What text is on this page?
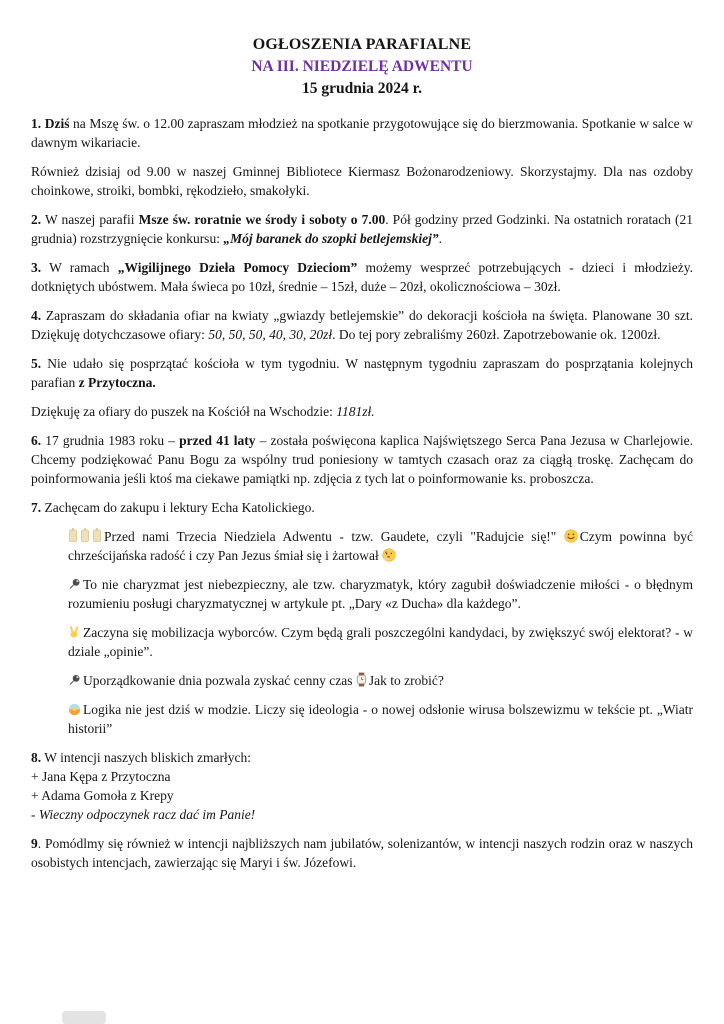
OGŁOSZENIA PARAFIALNE
NA III. NIEDZIELĘ ADWENTU
15 grudnia 2024 r.

1. Dziś na Mszę św. o 12.00 zapraszam młodzież na spotkanie przygotowujące się do bierzmowania. Spotkanie w salce w dawnym wikariacie.

Również dzisiaj od 9.00 w naszej Gminnej Bibliotece Kiermasz Bożonarodzeniowy. Skorzystajmy. Dla nas ozdoby choinkowe, stroiki, bombki, rękodzieło, smakołyki.

2. W naszej parafii Msze św. roratnie we środy i soboty o 7.00. Pół godziny przed Godzinki. Na ostatnich roratach (21 grudnia) rozstrzygnięcie konkursu: „Mój baranek do szopki betlejemskiej”.

3. W ramach „Wigilijnego Dzieła Pomocy Dzieciom” możemy wesprzeć potrzebujących - dzieci i młodzieży. dotkniętych ubóstwem. Mała świeca po 10zł, średnie – 15zł, duże – 20zł, okolicznościowa – 30zł.

4. Zapraszam do składania ofiar na kwiaty „gwiazdy betlejemskie” do dekoracji kościoła na święta. Planowane 30 szt. Dziękuję dotychczasowe ofiary: 50, 50, 50, 40, 30, 20zł. Do tej pory zebraliśmy 260zł. Zapotrzebowanie ok. 1200zł.

5. Nie udało się posprzątać kościoła w tym tygodniu. W następnym tygodniu zapraszam do posprzątania kolejnych parafian z Przytoczna.

Dziękuję za ofiary do puszek na Kościół na Wschodzie: 1181zł.

6. 17 grudnia 1983 roku – przed 41 laty – została poświęcona kaplica Najświętszego Serca Pana Jezusa w Charlejowie. Chcemy podziękować Panu Bogu za wspólny trud poniesiony w tamtych czasach oraz za ciągłą troskę. Zachęcam do poinformowania jeśli ktoś ma ciekawe pamiątki np. zdjęcia z tych lat o poinformowanie ks. proboszcza.

7. Zachęcam do zakupu i lektury Echa Katolickiego.

Przed nami Trzecia Niedziela Adwentu - tzw. Gaudete, czyli "Radujcie się!" Czym powinna być chrześcijańska radość i czy Pan Jezus śmiał się i żartował

To nie charyzmat jest niebezpieczny, ale tzw. charyzmatyk, który zagubił doświadczenie miłości - o błędnym rozumieniu posługi charyzmatycznej w artykule pt. „Dary «z Ducha» dla każdego”.

Zaczyna się mobilizacja wyborców. Czym będą grali poszczególni kandydaci, by zwiększyć swój elektorat? - w dziale „opinie”.

Uporządkowanie dnia pozwala zyskać cenny czas Jak to zrobić?

Logika nie jest dziś w modzie. Liczy się ideologia - o nowej odsłonie wirusa bolszewizmu w tekście pt. „Wiatr historii”

8. W intencji naszych bliskich zmarłych:

+ Jana Kępa z Przytoczna

+ Adama Gomoła z Krepy

- Wieczny odpoczynek racz dać im Panie!

9. Pomódlmy się również w intencji najbliższych nam jubilatów, solenizantów, w intencji naszych rodzin oraz w naszych osobistych intencjach, zawierzając się Maryi i św. Józefowi.
